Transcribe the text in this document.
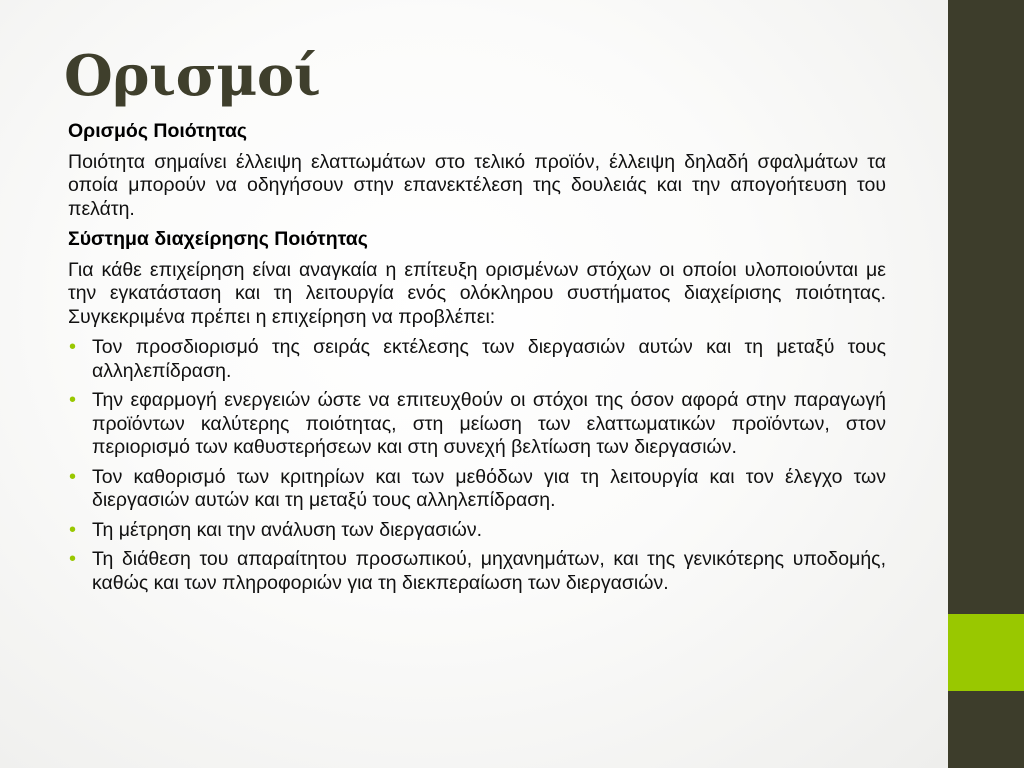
Ορισμοί

Ορισμός Ποιότητας

Ποιότητα σημαίνει έλλειψη ελαττωμάτων στο τελικό προϊόν, έλλειψη δηλαδή σφαλμάτων τα οποία μπορούν να οδηγήσουν στην επανεκτέλεση της δουλειάς και την απογοήτευση του πελάτη.

Σύστημα διαχείρησης Ποιότητας

Για κάθε επιχείρηση είναι αναγκαία η επίτευξη ορισμένων στόχων οι οποίοι υλοποιούνται με την εγκατάσταση και τη λειτουργία ενός ολόκληρου συστήματος διαχείρισης ποιότητας. Συγκεκριμένα πρέπει η επιχείρηση να προβλέπει:

• Τον προσδιορισμό της σειράς εκτέλεσης των διεργασιών αυτών και τη μεταξύ τους αλληλεπίδραση.
• Την εφαρμογή ενεργειών ώστε να επιτευχθούν οι στόχοι της όσον αφορά στην παραγωγή προϊόντων καλύτερης ποιότητας, στη μείωση των ελαττωματικών προϊόντων, στον περιορισμό των καθυστερήσεων και στη συνεχή βελτίωση των διεργασιών.
• Τον καθορισμό των κριτηρίων και των μεθόδων για τη λειτουργία και τον έλεγχο των διεργασιών αυτών και τη μεταξύ τους αλληλεπίδραση.
• Τη μέτρηση και την ανάλυση των διεργασιών.
• Τη διάθεση του απαραίτητου προσωπικού, μηχανημάτων, και της γενικότερης υποδομής, καθώς και των πληροφοριών για τη διεκπεραίωση των διεργασιών.
